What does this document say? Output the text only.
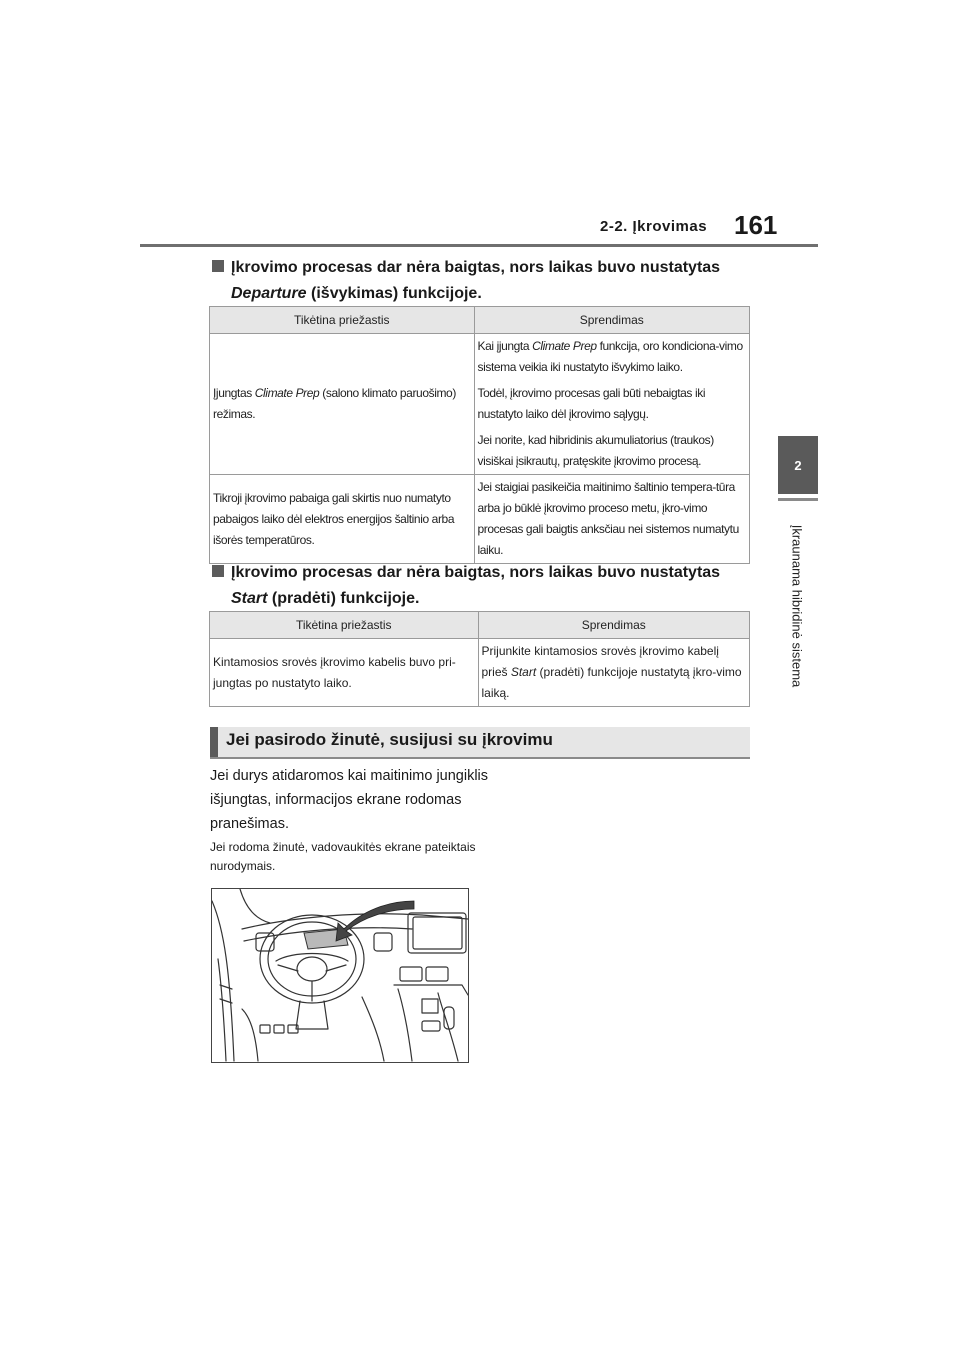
2-2. Įkrovimas 161
2
Įkraunama hibridinė sistema
Įkrovimo procesas dar nėra baigtas, nors laikas buvo nustatytas
Departure (išvykimas) funkcijoje.
Tikėtina priežastis	Sprendimas
Įjungtas Climate Prep (salono klimato paruošimo) režimas.	Kai įjungta Climate Prep funkcija, oro kondiciona-vimo sistema veikia iki nustatyto išvykimo laiko.

Todėl, įkrovimo procesas gali būti nebaigtas iki nustatyto laiko dėl įkrovimo sąlygų.

Jei norite, kad hibridinis akumuliatorius (traukos) visiškai įsikrautų, pratęskite įkrovimo procesą.

Tikroji įkrovimo pabaiga gali skirtis nuo numatyto pabaigos laiko dėl elektros energijos šaltinio arba išorės temperatūros.	Jei staigiai pasikeičia maitinimo šaltinio tempera-tūra arba jo būklė įkrovimo proceso metu, įkro-vimo procesas gali baigtis anksčiau nei sistemos numatytu laiku.
Įkrovimo procesas dar nėra baigtas, nors laikas buvo nustatytas
Start (pradėti) funkcijoje.
Tikėtina priežastis	Sprendimas
Kintamosios srovės įkrovimo kabelis buvo pri-jungtas po nustatyto laiko.	Prijunkite kintamosios srovės įkrovimo kabelį prieš Start (pradėti) funkcijoje nustatytą įkro-vimo laiką.
Jei pasirodo žinutė, susijusi su įkrovimu
Jei durys atidaromos kai maitinimo jungiklis išjungtas, informacijos ekrane rodomas pranešimas.
Jei rodoma žinutė, vadovaukitės ekrane pateiktais nurodymais.
